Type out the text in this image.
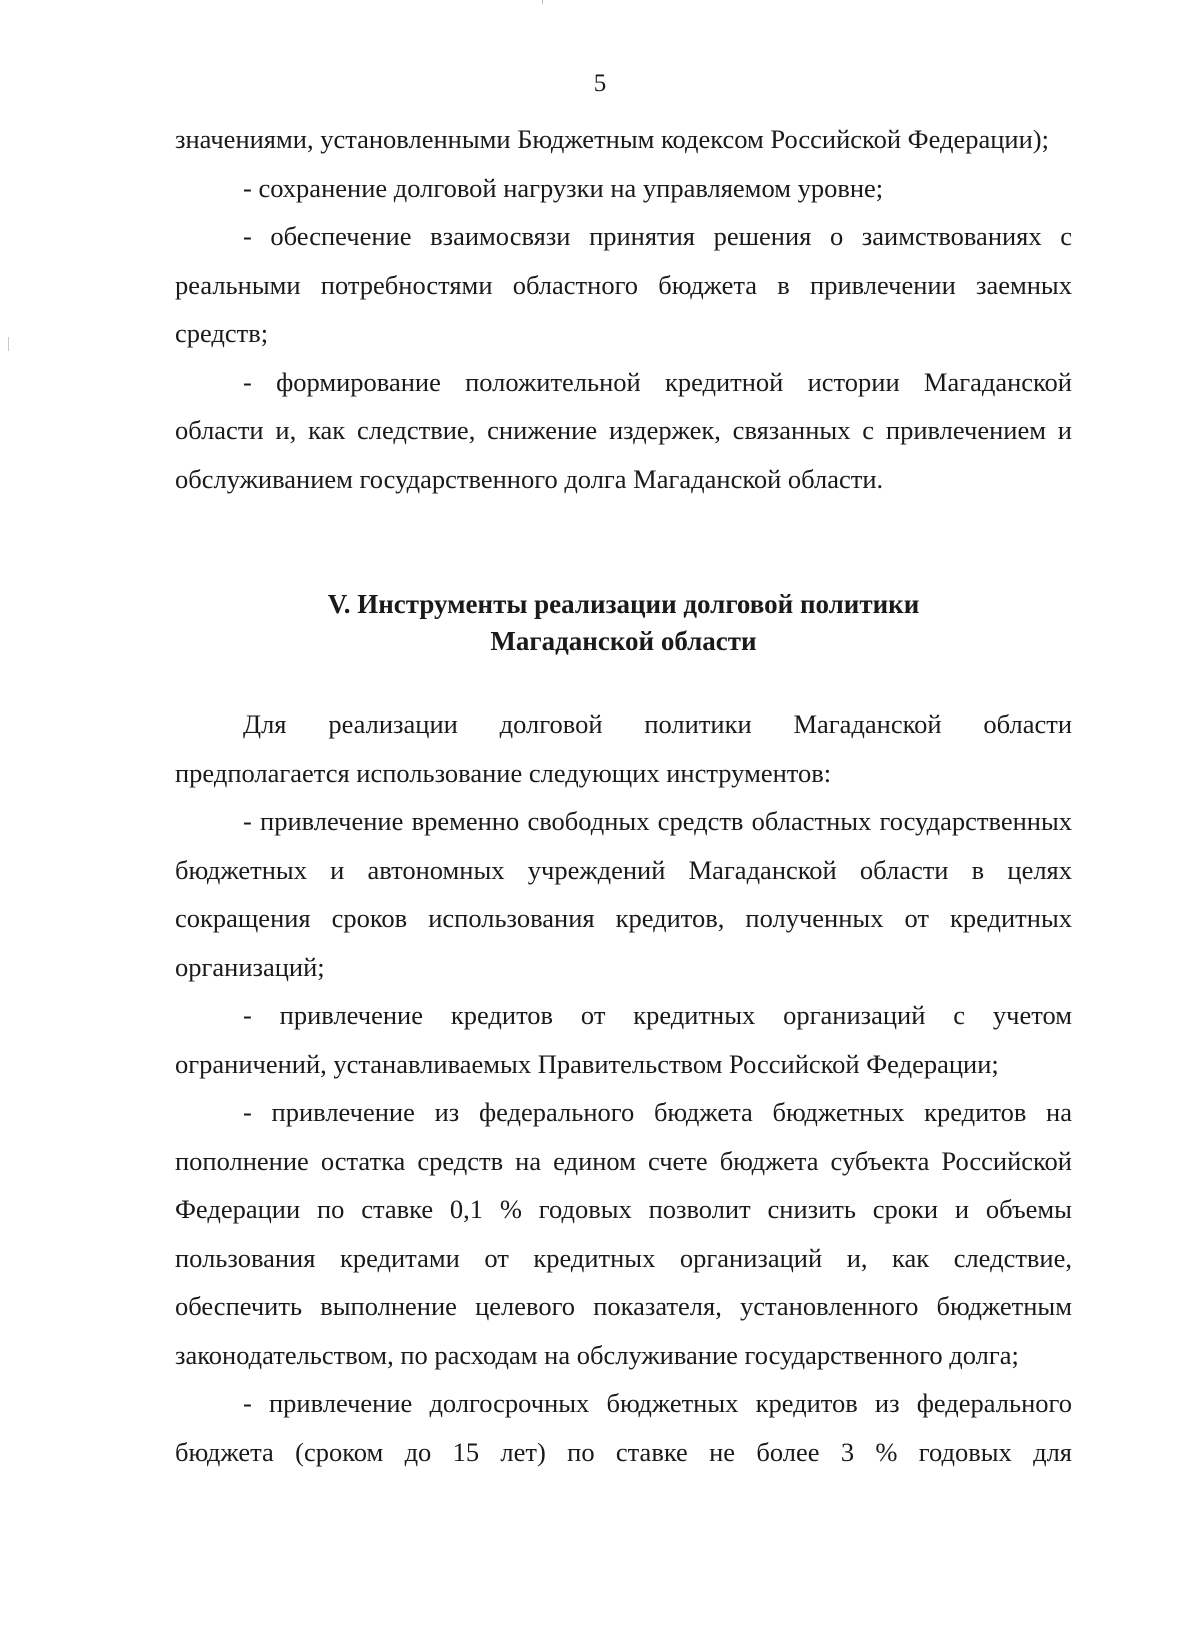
5

значениями, установленными Бюджетным кодексом Российской Федерации);

- сохранение долговой нагрузки на управляемом уровне;

- обеспечение взаимосвязи принятия решения о заимствованиях с реальными потребностями областного бюджета в привлечении заемных средств;

- формирование положительной кредитной истории Магаданской области и, как следствие, снижение издержек, связанных с привлечением и обслуживанием государственного долга Магаданской области.

V. Инструменты реализации долговой политики
Магаданской области

Для реализации долговой политики Магаданской области предполагается использование следующих инструментов:

- привлечение временно свободных средств областных государственных бюджетных и автономных учреждений Магаданской области в целях сокращения сроков использования кредитов, полученных от кредитных организаций;

- привлечение кредитов от кредитных организаций с учетом ограничений, устанавливаемых Правительством Российской Федерации;

- привлечение из федерального бюджета бюджетных кредитов на пополнение остатка средств на едином счете бюджета субъекта Российской Федерации по ставке 0,1 % годовых позволит снизить сроки и объемы пользования кредитами от кредитных организаций и, как следствие, обеспечить выполнение целевого показателя, установленного бюджетным законодательством, по расходам на обслуживание государственного долга;

- привлечение долгосрочных бюджетных кредитов из федерального бюджета (сроком до 15 лет) по ставке не более 3 % годовых для
